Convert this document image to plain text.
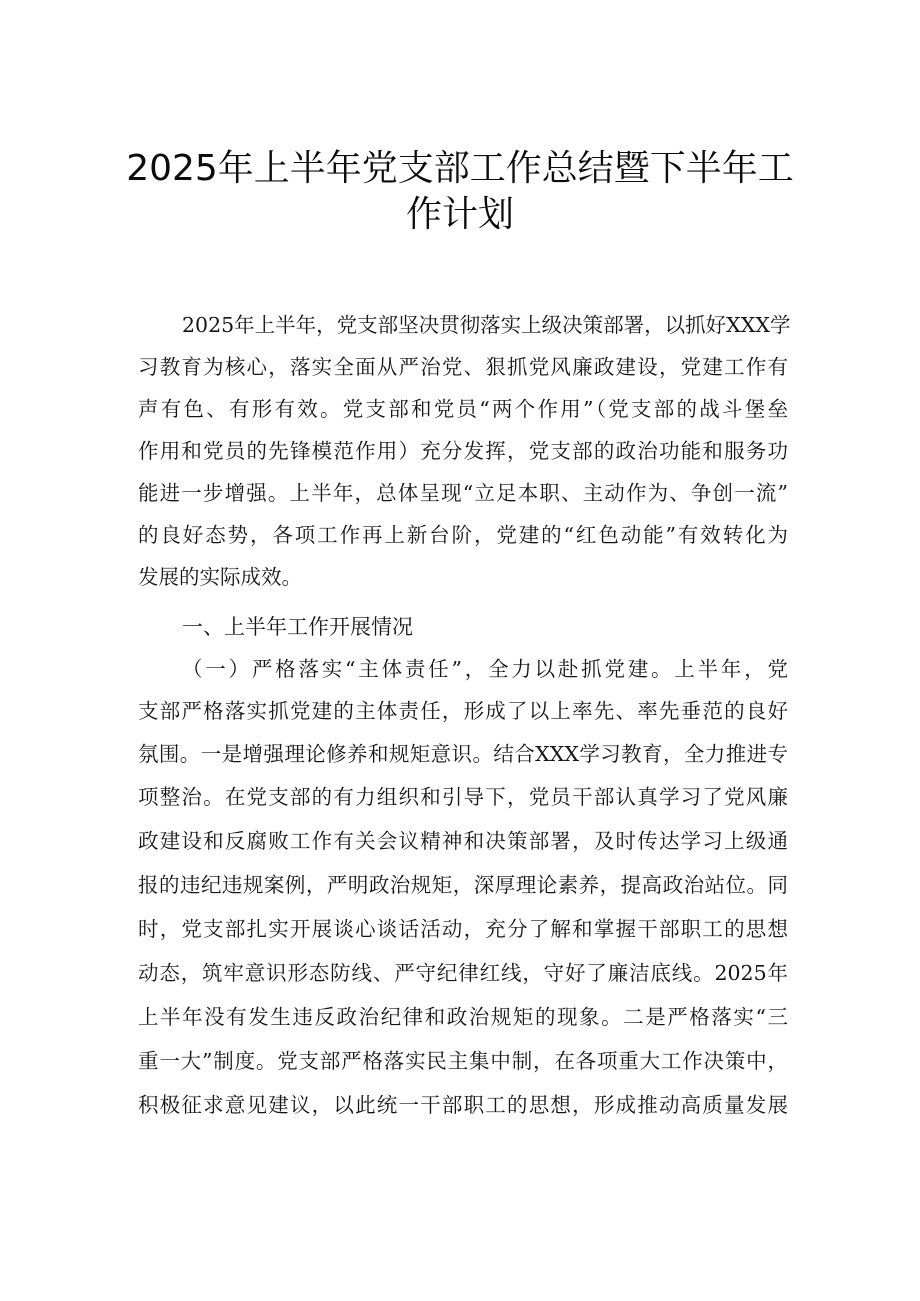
2025年上半年党支部工作总结暨下半年工
作计划
2025年上半年，党支部坚决贯彻落实上级决策部署，以抓好XXX学
习教育为核心，落实全面从严治党、狠抓党风廉政建设，党建工作有
声有色、有形有效。党支部和党员“两个作用”（党支部的战斗堡垒
作用和党员的先锋模范作用）充分发挥，党支部的政治功能和服务功
能进一步增强。上半年，总体呈现“立足本职、主动作为、争创一流”
的良好态势，各项工作再上新台阶，党建的“红色动能”有效转化为
发展的实际成效。
一、上半年工作开展情况
（一）严格落实“主体责任”，全力以赴抓党建。上半年，党
支部严格落实抓党建的主体责任，形成了以上率先、率先垂范的良好
氛围。一是增强理论修养和规矩意识。结合XXX学习教育，全力推进专
项整治。在党支部的有力组织和引导下，党员干部认真学习了党风廉
政建设和反腐败工作有关会议精神和决策部署，及时传达学习上级通
报的违纪违规案例，严明政治规矩，深厚理论素养，提高政治站位。同
时，党支部扎实开展谈心谈话活动，充分了解和掌握干部职工的思想
动态，筑牢意识形态防线、严守纪律红线，守好了廉洁底线。2025年
上半年没有发生违反政治纪律和政治规矩的现象。二是严格落实“三
重一大”制度。党支部严格落实民主集中制，在各项重大工作决策中，
积极征求意见建议，以此统一干部职工的思想，形成推动高质量发展
